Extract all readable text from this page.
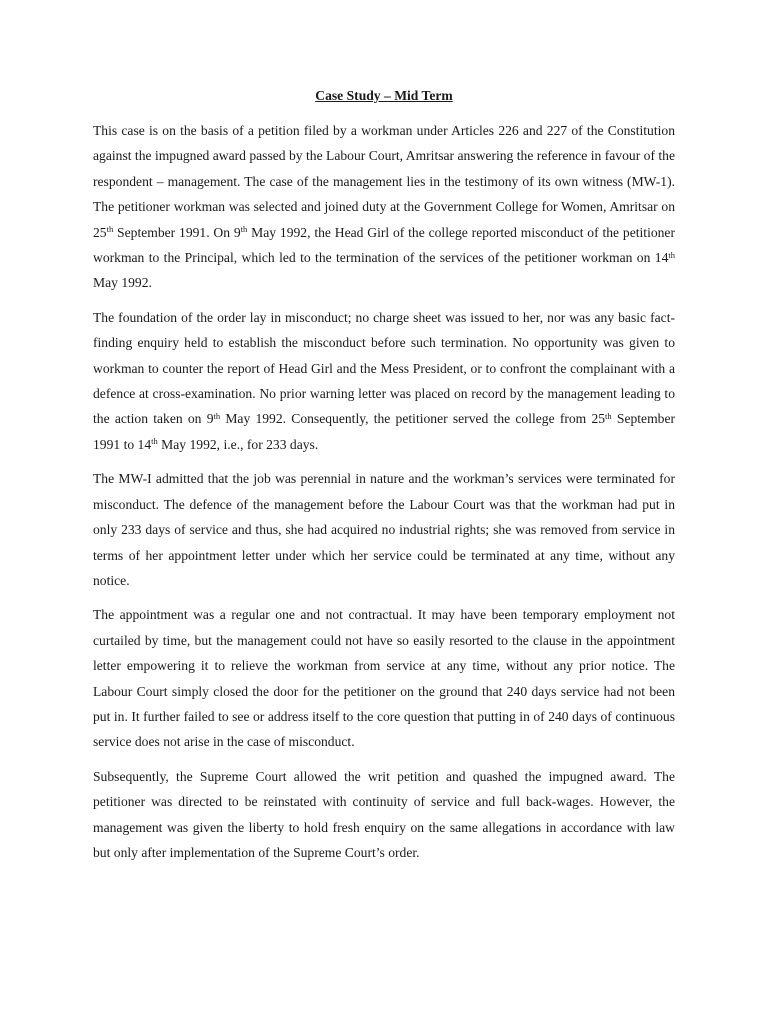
Case Study – Mid Term

This case is on the basis of a petition filed by a workman under Articles 226 and 227 of the Constitution against the impugned award passed by the Labour Court, Amritsar answering the reference in favour of the respondent – management. The case of the management lies in the testimony of its own witness (MW-1). The petitioner workman was selected and joined duty at the Government College for Women, Amritsar on 25th September 1991. On 9th May 1992, the Head Girl of the college reported misconduct of the petitioner workman to the Principal, which led to the termination of the services of the petitioner workman on 14th May 1992.

The foundation of the order lay in misconduct; no charge sheet was issued to her, nor was any basic fact-finding enquiry held to establish the misconduct before such termination. No opportunity was given to workman to counter the report of Head Girl and the Mess President, or to confront the complainant with a defence at cross-examination. No prior warning letter was placed on record by the management leading to the action taken on 9th May 1992. Consequently, the petitioner served the college from 25th September 1991 to 14th May 1992, i.e., for 233 days.

The MW-I admitted that the job was perennial in nature and the workman’s services were terminated for misconduct. The defence of the management before the Labour Court was that the workman had put in only 233 days of service and thus, she had acquired no industrial rights; she was removed from service in terms of her appointment letter under which her service could be terminated at any time, without any notice.

The appointment was a regular one and not contractual. It may have been temporary employment not curtailed by time, but the management could not have so easily resorted to the clause in the appointment letter empowering it to relieve the workman from service at any time, without any prior notice. The Labour Court simply closed the door for the petitioner on the ground that 240 days service had not been put in. It further failed to see or address itself to the core question that putting in of 240 days of continuous service does not arise in the case of misconduct.

Subsequently, the Supreme Court allowed the writ petition and quashed the impugned award. The petitioner was directed to be reinstated with continuity of service and full back-wages. However, the management was given the liberty to hold fresh enquiry on the same allegations in accordance with law but only after implementation of the Supreme Court’s order.
